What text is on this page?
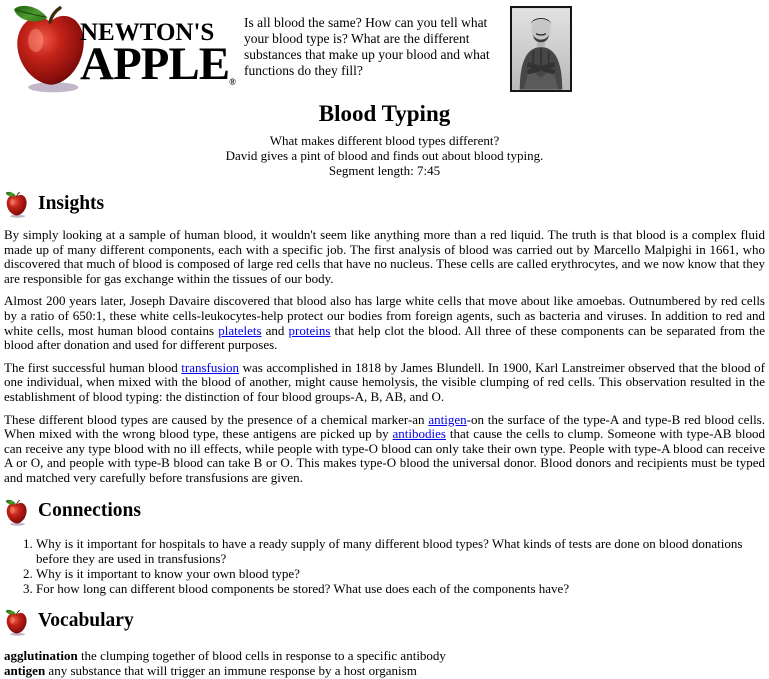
NEWTON'S
APPLE®
Is all blood the same? How can you tell what your blood type is? What are the different substances that make up your blood and what functions do they fill?
Blood Typing
What makes different blood types different?
David gives a pint of blood and finds out about blood typing.
Segment length: 7:45
Insights

By simply looking at a sample of human blood, it wouldn't seem like anything more than a red liquid. The truth is that blood is a complex fluid made up of many different components, each with a specific job. The first analysis of blood was carried out by Marcello Malpighi in 1661, who discovered that much of blood is composed of large red cells that have no nucleus. These cells are called erythrocytes, and we now know that they are responsible for gas exchange within the tissues of our body.

Almost 200 years later, Joseph Davaire discovered that blood also has large white cells that move about like amoebas. Outnumbered by red cells by a ratio of 650:1, these white cells-leukocytes-help protect our bodies from foreign agents, such as bacteria and viruses. In addition to red and white cells, most human blood contains platelets and proteins that help clot the blood. All three of these components can be separated from the blood after donation and used for different purposes.

The first successful human blood transfusion was accomplished in 1818 by James Blundell. In 1900, Karl Lanstreimer observed that the blood of one individual, when mixed with the blood of another, might cause hemolysis, the visible clumping of red cells. This observation resulted in the establishment of blood typing: the distinction of four blood groups-A, B, AB, and O.

These different blood types are caused by the presence of a chemical marker-an antigen-on the surface of the type-A and type-B red blood cells. When mixed with the wrong blood type, these antigens are picked up by antibodies that cause the cells to clump. Someone with type-AB blood can receive any type blood with no ill effects, while people with type-O blood can only take their own type. People with type-A blood can receive A or O, and people with type-B blood can take B or O. This makes type-O blood the universal donor. Blood donors and recipients must be typed and matched very carefully before transfusions are given.

Connections
1. Why is it important for hospitals to have a ready supply of many different blood types? What kinds of tests are done on blood donations before they are used in transfusions?
2. Why is it important to know your own blood type?
3. For how long can different blood components be stored? What use does each of the components have?
Vocabulary
agglutination the clumping together of blood cells in response to a specific antibody
antigen any substance that will trigger an immune response by a host organism
